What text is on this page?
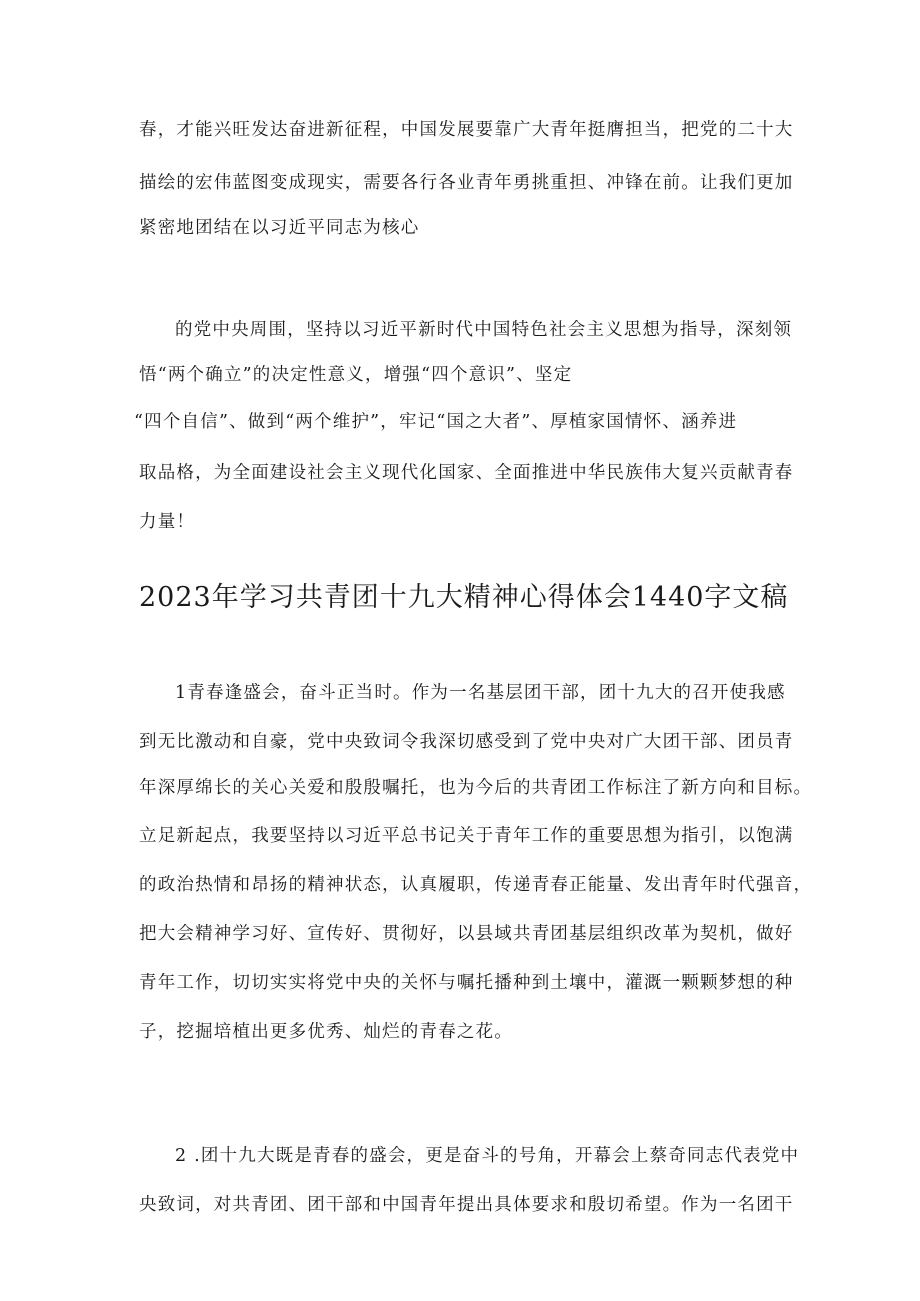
春，才能兴旺发达奋进新征程，中国发展要靠广大青年挺膺担当，把党的二十大
描绘的宏伟蓝图变成现实，需要各行各业青年勇挑重担、冲锋在前。让我们更加
紧密地团结在以习近平同志为核心
的党中央周围，坚持以习近平新时代中国特色社会主义思想为指导，深刻领
悟“两个确立”的决定性意义，增强“四个意识”、坚定
“四个自信”、做到“两个维护”，牢记“国之大者”、厚植家国情怀、涵养进
取品格，为全面建设社会主义现代化国家、全面推进中华民族伟大复兴贡献青春
力量！
2023年学习共青团十九大精神心得体会1440字文稿
1青春逢盛会，奋斗正当时。作为一名基层团干部，团十九大的召开使我感
到无比激动和自豪，党中央致词令我深切感受到了党中央对广大团干部、团员青
年深厚绵长的关心关爱和殷殷嘱托，也为今后的共青团工作标注了新方向和目标。
立足新起点，我要坚持以习近平总书记关于青年工作的重要思想为指引，以饱满
的政治热情和昂扬的精神状态，认真履职，传递青春正能量、发出青年时代强音，
把大会精神学习好、宣传好、贯彻好，以县域共青团基层组织改革为契机，做好
青年工作，切切实实将党中央的关怀与嘱托播种到土壤中，灌溉一颗颗梦想的种
子，挖掘培植出更多优秀、灿烂的青春之花。
2 .团十九大既是青春的盛会，更是奋斗的号角，开幕会上蔡奇同志代表党中
央致词，对共青团、团干部和中国青年提出具体要求和殷切希望。作为一名团干
